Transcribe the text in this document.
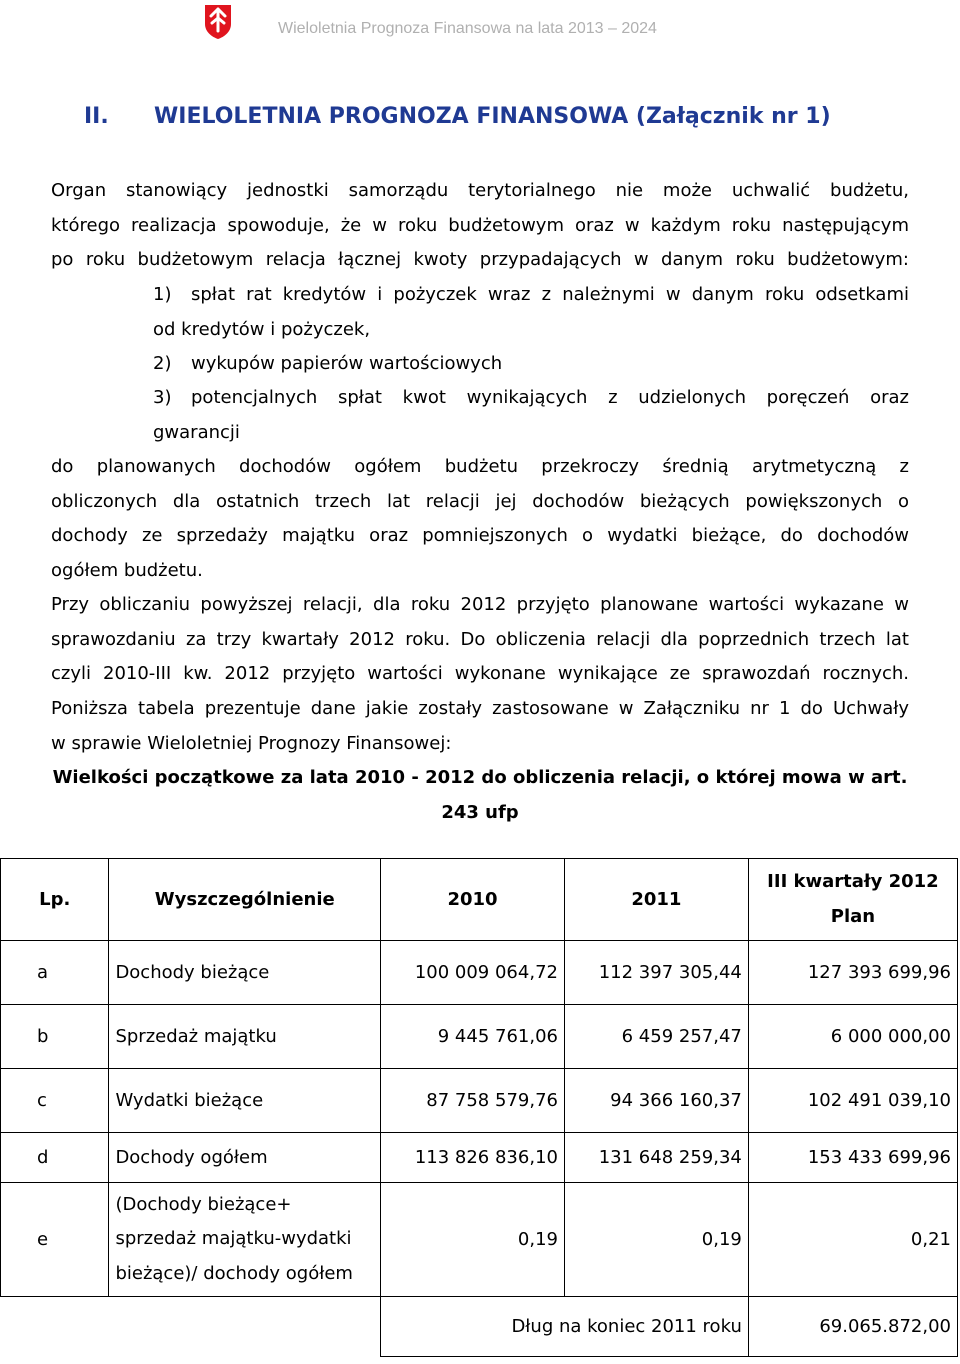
Wieloletnia Prognoza Finansowa na lata 2013 – 2024
II. WIELOLETNIA PROGNOZA FINANSOWA (Załącznik nr 1)
Organ stanowiący jednostki samorządu terytorialnego nie może uchwalić budżetu,
którego realizacja spowoduje, że w roku budżetowym oraz w każdym roku następującym
po roku budżetowym relacja łącznej kwoty przypadających w danym roku budżetowym:
1) spłat rat kredytów i pożyczek wraz z należnymi w danym roku odsetkami
od kredytów i pożyczek,
2) wykupów papierów wartościowych
3) potencjalnych spłat kwot wynikających z udzielonych poręczeń oraz
gwarancji
do planowanych dochodów ogółem budżetu przekroczy średnią arytmetyczną z
obliczonych dla ostatnich trzech lat relacji jej dochodów bieżących powiększonych o
dochody ze sprzedaży majątku oraz pomniejszonych o wydatki bieżące, do dochodów
ogółem budżetu.
Przy obliczaniu powyższej relacji, dla roku 2012 przyjęto planowane wartości wykazane w
sprawozdaniu za trzy kwartały 2012 roku. Do obliczenia relacji dla poprzednich trzech lat
czyli 2010-III kw. 2012 przyjęto wartości wykonane wynikające ze sprawozdań rocznych.
Poniższa tabela prezentuje dane jakie zostały zastosowane w Załączniku nr 1 do Uchwały
w sprawie Wieloletniej Prognozy Finansowej:
Wielkości początkowe za lata 2010 - 2012 do obliczenia relacji, o której mowa w art.
243 ufp
Lp.	Wyszczególnienie	2010	2011	III kwartały 2012
Plan

a	Dochody bieżące	100 009 064,72	112 397 305,44	127 393 699,96
b	Sprzedaż majątku	9 445 761,06	6 459 257,47	6 000 000,00
c	Wydatki bieżące	87 758 579,76	94 366 160,37	102 491 039,10
d	Dochody ogółem	113 826 836,10	131 648 259,34	153 433 699,96
e	(Dochody bieżące+
sprzedaż majątku-wydatki
bieżące)/ dochody ogółem	0,19	0,19	0,21
		Dług na koniec 2011 roku		69.065.872,00
